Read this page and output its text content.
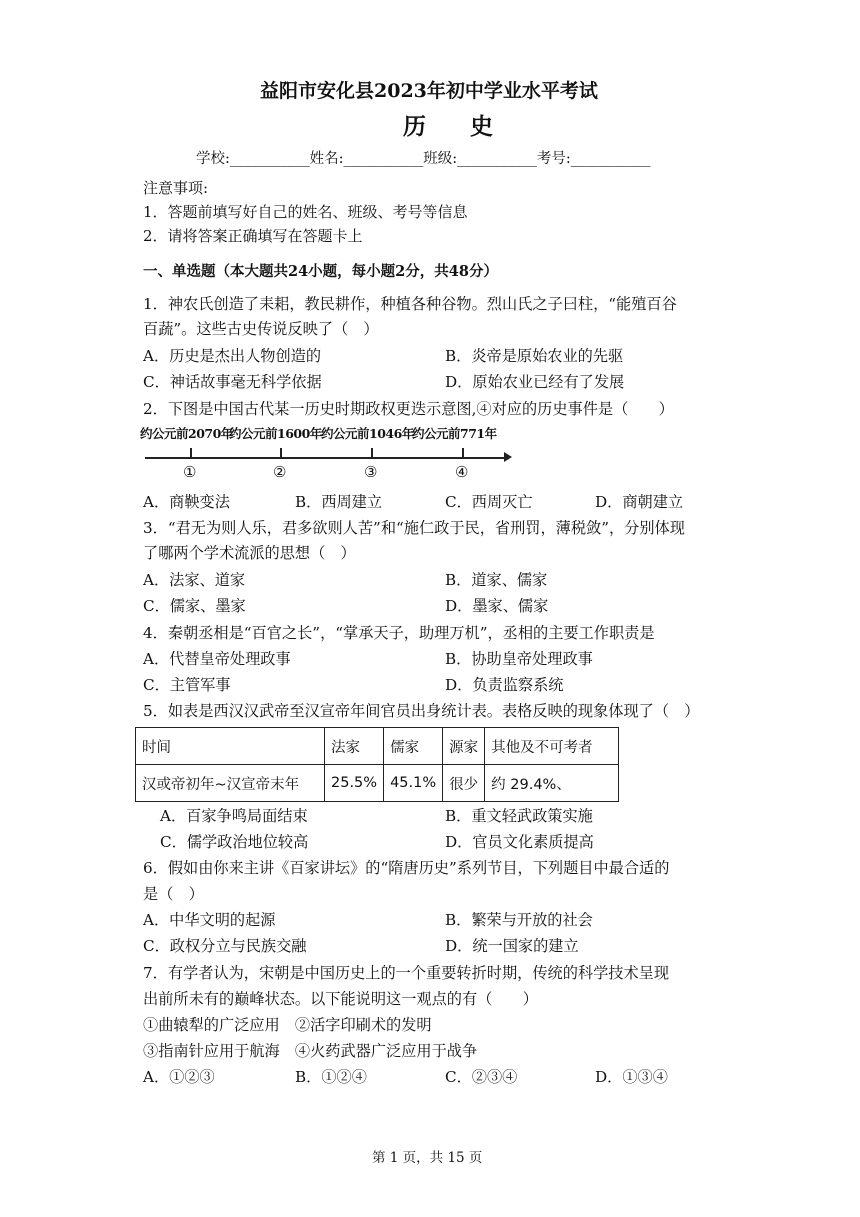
益阳市安化县2023年初中学业水平考试
历 史
学校:___________姓名:___________班级:___________考号:___________
注意事项:
1．答题前填写好自己的姓名、班级、考号等信息
2．请将答案正确填写在答题卡上
一、单选题（本大题共24小题，每小题2分，共48分）
1．神农氏创造了耒耜，教民耕作，种植各种谷物。烈山氏之子曰柱，“能殖百谷
百蔬”。这些古史传说反映了（　）
A．历史是杰出人物创造的	B．炎帝是原始农业的先驱
C．神话故事毫无科学依据	D．原始农业已经有了发展
2．下图是中国古代某一历史时期政权更迭示意图,④对应的历史事件是（　　）
约公元前2070年
约公元前1600年 约公元前1046年
约公元前771年
①	②	③	④
A．商鞅变法	B．西周建立	C．西周灭亡	D．商朝建立
3．“君无为则人乐，君多欲则人苦”和“施仁政于民，省刑罚，薄税敛”，分别体现
了哪两个学术流派的思想（　）
A．法家、道家	B．道家、儒家
C．儒家、墨家	D．墨家、儒家
4．秦朝丞相是“百官之长”，“掌承天子，助理万机”，丞相的主要工作职责是
A．代替皇帝处理政事	B．协助皇帝处理政事
C．主管军事	D．负责监察系统
5．如表是西汉汉武帝至汉宣帝年间官员出身统计表。表格反映的现象体现了（　）
时间	法家	儒家	源家	其他及不可考者
汉或帝初年~汉宣帝末年	25.5%	45.1%	很少	约 29.4%、
A．百家争鸣局面结束	B．重文轻武政策实施
C．儒学政治地位较高	D．官员文化素质提高
6．假如由你来主讲《百家讲坛》的“隋唐历史”系列节目，下列题目中最合适的
是（　）
A．中华文明的起源	B．繁荣与开放的社会
C．政权分立与民族交融	D．统一国家的建立
7．有学者认为，宋朝是中国历史上的一个重要转折时期，传统的科学技术呈现
出前所未有的巅峰状态。以下能说明这一观点的有（　　）
①曲辕犁的广泛应用　②活字印刷术的发明
③指南针应用于航海　④火药武器广泛应用于战争
A．①②③	B．①②④	C．②③④	D．①③④
第 1 页，共 15 页
